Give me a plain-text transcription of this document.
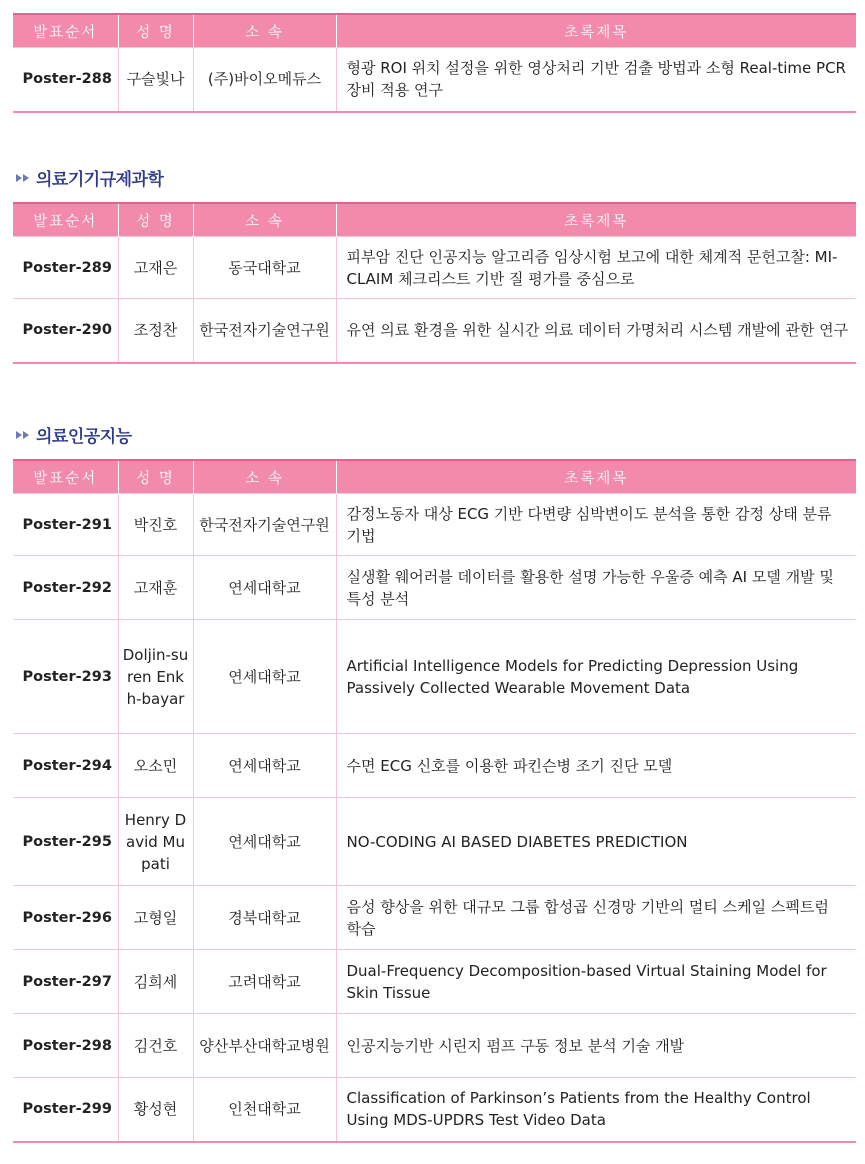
발표순서	성 명	소 속	초록제목
Poster-288	구슬빛나	(주)바이오메듀스	형광 ROI 위치 설정을 위한 영상처리 기반 검출 방법과 소형 Real-time PCR 장비 적용 연구
의료기기규제과학
발표순서	성 명	소 속	초록제목
Poster-289	고재은	동국대학교	피부암 진단 인공지능 알고리즘 임상시험 보고에 대한 체계적 문헌고찰: MI-CLAIM 체크리스트 기반 질 평가를 중심으로
Poster-290	조정찬	한국전자기술연구원	유연 의료 환경을 위한 실시간 의료 데이터 가명처리 시스템 개발에 관한 연구
의료인공지능
발표순서	성 명	소 속	초록제목
Poster-291	박진호	한국전자기술연구원	감정노동자 대상 ECG 기반 다변량 심박변이도 분석을 통한 감정 상태 분류 기법
Poster-292	고재훈	연세대학교	실생활 웨어러블 데이터를 활용한 설명 가능한 우울증 예측 AI 모델 개발 및 특성 분석
Poster-293	Doljin-suren Enkh-bayar	연세대학교	Artificial Intelligence Models for Predicting Depression Using Passively Collected Wearable Movement Data
Poster-294	오소민	연세대학교	수면 ECG 신호를 이용한 파킨슨병 조기 진단 모델
Poster-295	Henry David Mupati	연세대학교	NO-CODING AI BASED DIABETES PREDICTION
Poster-296	고형일	경북대학교	음성 향상을 위한 대규모 그룹 합성곱 신경망 기반의 멀티 스케일 스펙트럼 학습
Poster-297	김희세	고려대학교	Dual-Frequency Decomposition-based Virtual Staining Model for Skin Tissue
Poster-298	김건호	양산부산대학교병원	인공지능기반 시린지 펌프 구동 정보 분석 기술 개발
Poster-299	황성현	인천대학교	Classification of Parkinson’s Patients from the Healthy Control Using MDS-UPDRS Test Video Data
